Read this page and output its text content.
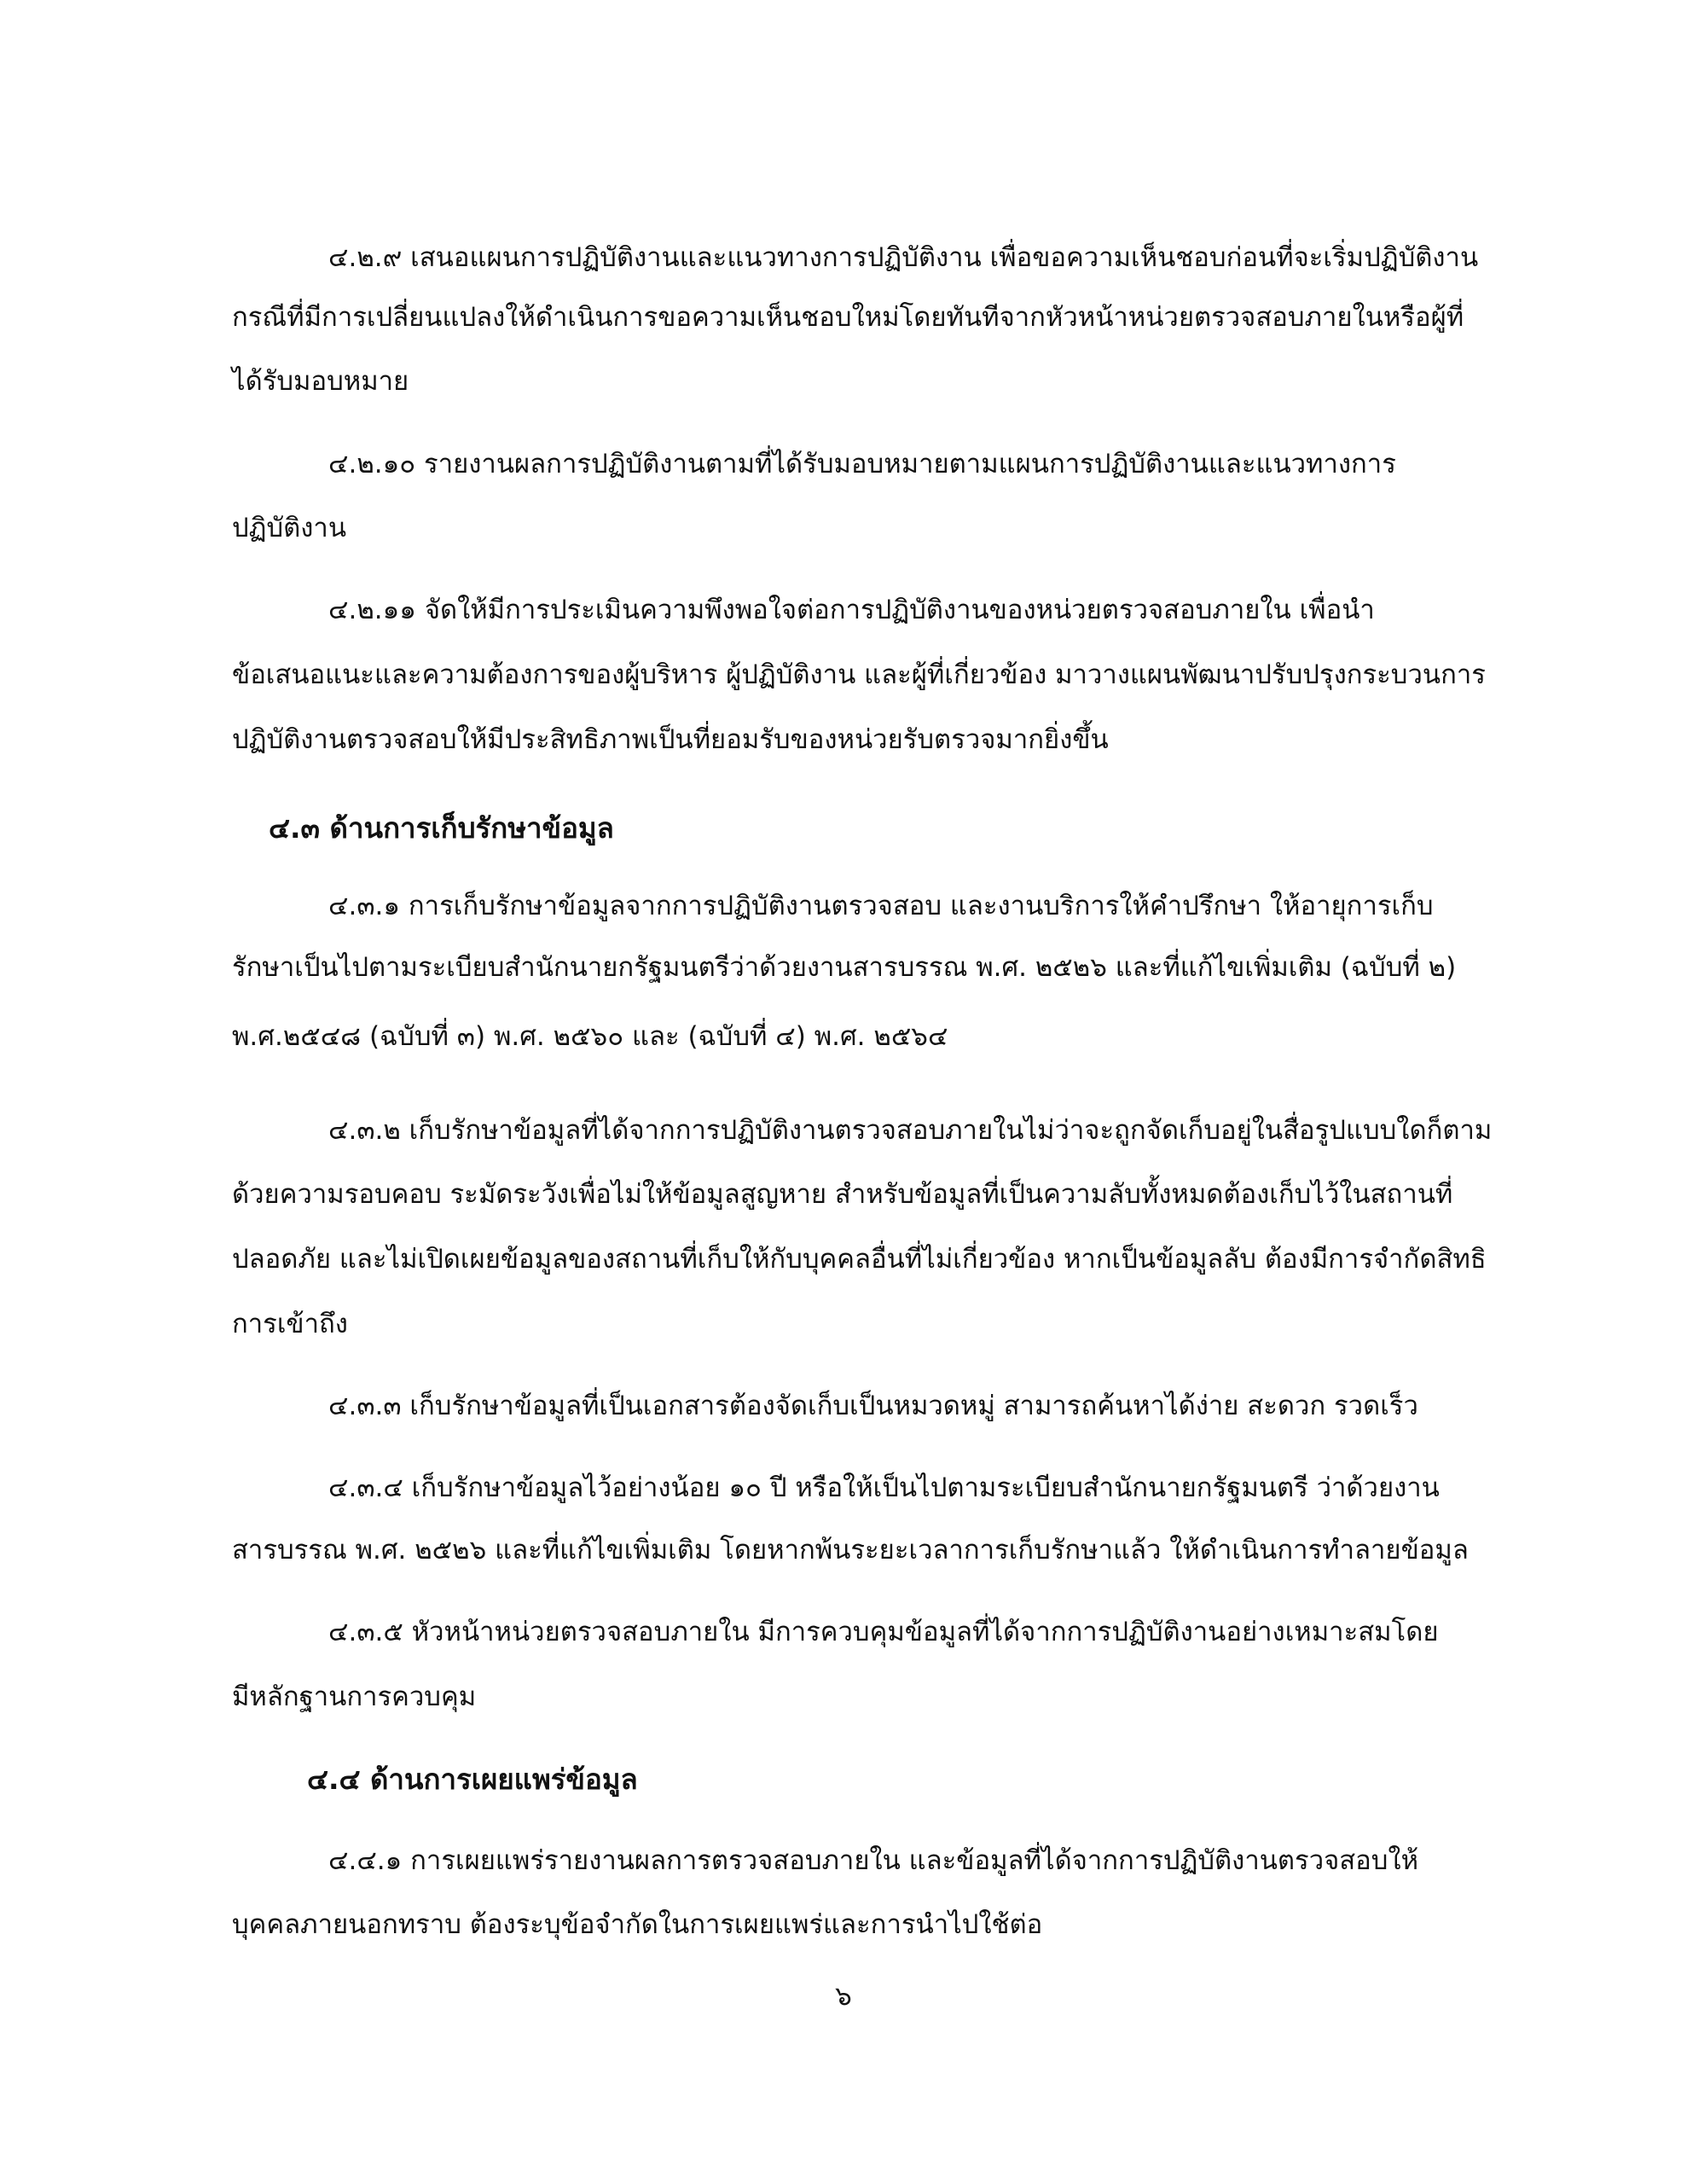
๔.๒.๙ เสนอแผนการปฏิบัติงานและแนวทางการปฏิบัติงาน เพื่อขอความเห็นชอบก่อนที่จะเริ่มปฏิบัติงาน
กรณีที่มีการเปลี่ยนแปลงให้ดำเนินการขอความเห็นชอบใหม่โดยทันทีจากหัวหน้าหน่วยตรวจสอบภายในหรือผู้ที่
ได้รับมอบหมาย
๔.๒.๑๐ รายงานผลการปฏิบัติงานตามที่ได้รับมอบหมายตามแผนการปฏิบัติงานและแนวทางการ
ปฏิบัติงาน
๔.๒.๑๑ จัดให้มีการประเมินความพึงพอใจต่อการปฏิบัติงานของหน่วยตรวจสอบภายใน เพื่อนำ
ข้อเสนอแนะและความต้องการของผู้บริหาร ผู้ปฏิบัติงาน และผู้ที่เกี่ยวข้อง มาวางแผนพัฒนาปรับปรุงกระบวนการ
ปฏิบัติงานตรวจสอบให้มีประสิทธิภาพเป็นที่ยอมรับของหน่วยรับตรวจมากยิ่งขึ้น
๔.๓ ด้านการเก็บรักษาข้อมูล
๔.๓.๑ การเก็บรักษาข้อมูลจากการปฏิบัติงานตรวจสอบ และงานบริการให้คำปรึกษา ให้อายุการเก็บ
รักษาเป็นไปตามระเบียบสำนักนายกรัฐมนตรีว่าด้วยงานสารบรรณ พ.ศ. ๒๕๒๖ และที่แก้ไขเพิ่มเติม (ฉบับที่ ๒)
พ.ศ.๒๕๔๘ (ฉบับที่ ๓) พ.ศ. ๒๕๖๐ และ (ฉบับที่ ๔) พ.ศ. ๒๕๖๔
๔.๓.๒ เก็บรักษาข้อมูลที่ได้จากการปฏิบัติงานตรวจสอบภายในไม่ว่าจะถูกจัดเก็บอยู่ในสื่อรูปแบบใดก็ตาม
ด้วยความรอบคอบ ระมัดระวังเพื่อไม่ให้ข้อมูลสูญหาย สำหรับข้อมูลที่เป็นความลับทั้งหมดต้องเก็บไว้ในสถานที่
ปลอดภัย และไม่เปิดเผยข้อมูลของสถานที่เก็บให้กับบุคคลอื่นที่ไม่เกี่ยวข้อง หากเป็นข้อมูลลับ ต้องมีการจำกัดสิทธิ
การเข้าถึง
๔.๓.๓ เก็บรักษาข้อมูลที่เป็นเอกสารต้องจัดเก็บเป็นหมวดหมู่ สามารถค้นหาได้ง่าย สะดวก รวดเร็ว
๔.๓.๔ เก็บรักษาข้อมูลไว้อย่างน้อย ๑๐ ปี หรือให้เป็นไปตามระเบียบสำนักนายกรัฐมนตรี ว่าด้วยงาน
สารบรรณ พ.ศ. ๒๕๒๖ และที่แก้ไขเพิ่มเติม โดยหากพ้นระยะเวลาการเก็บรักษาแล้ว ให้ดำเนินการทำลายข้อมูล
๔.๓.๕ หัวหน้าหน่วยตรวจสอบภายใน มีการควบคุมข้อมูลที่ได้จากการปฏิบัติงานอย่างเหมาะสมโดย
มีหลักฐานการควบคุม
๔.๔ ด้านการเผยแพร่ข้อมูล
๔.๔.๑ การเผยแพร่รายงานผลการตรวจสอบภายใน และข้อมูลที่ได้จากการปฏิบัติงานตรวจสอบให้
บุคคลภายนอกทราบ ต้องระบุข้อจำกัดในการเผยแพร่และการนำไปใช้ต่อ
๖
